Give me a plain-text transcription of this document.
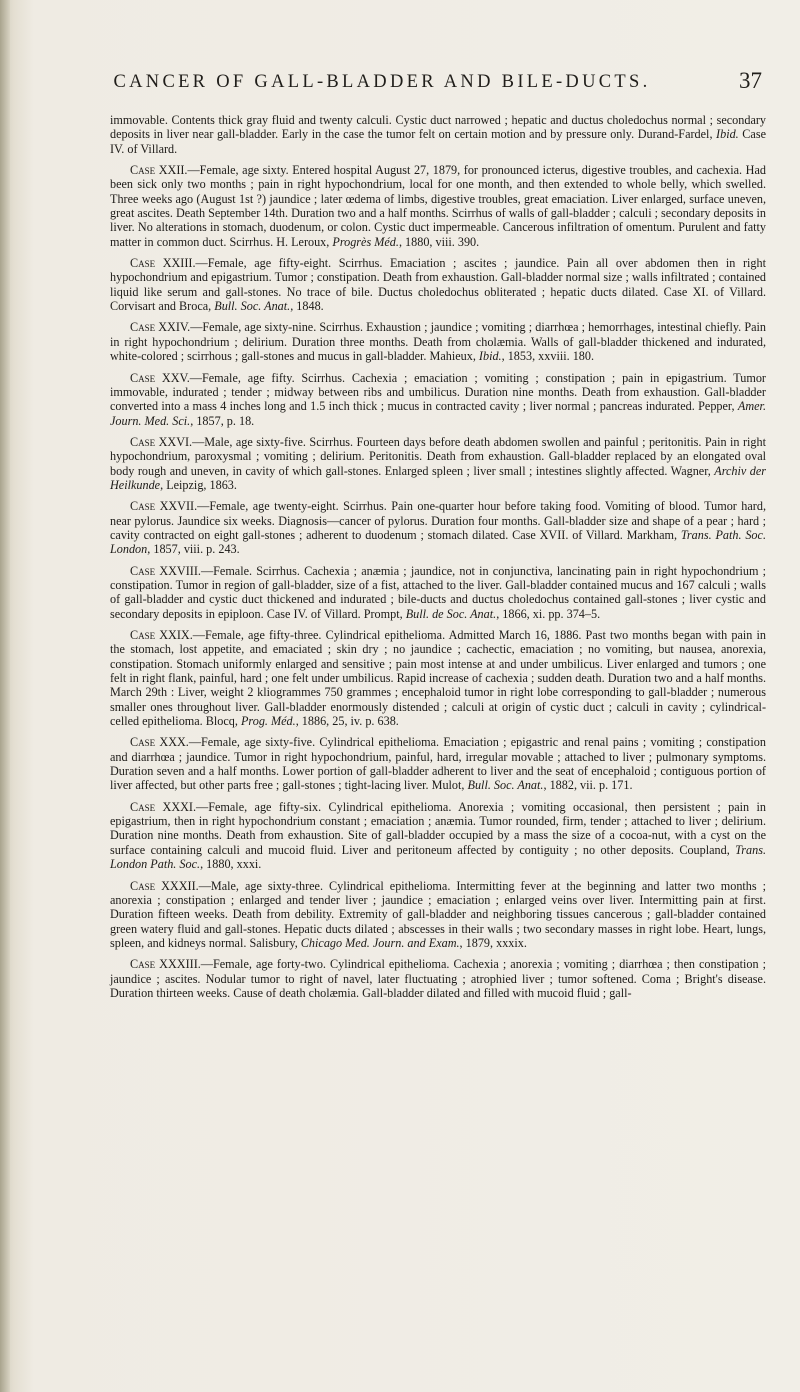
CANCER OF GALL-BLADDER AND BILE-DUCTS.	37

immovable. Contents thick gray fluid and twenty calculi. Cystic duct narrowed ; hepatic and ductus choledochus normal ; secondary deposits in liver near gall-bladder. Early in the case the tumor felt on certain motion and by pressure only. Durand-Fardel, Ibid. Case IV. of Villard.

Case XXII.—Female, age sixty. Entered hospital August 27, 1879, for pronounced icterus, digestive troubles, and cachexia. Had been sick only two months ; pain in right hypochondrium, local for one month, and then extended to whole belly, which swelled. Three weeks ago (August 1st ?) jaundice ; later œdema of limbs, digestive troubles, great emaciation. Liver enlarged, surface uneven, great ascites. Death September 14th. Duration two and a half months. Scirrhus of walls of gall-bladder ; calculi ; secondary deposits in liver. No alterations in stomach, duodenum, or colon. Cystic duct impermeable. Cancerous infiltration of omentum. Purulent and fatty matter in common duct. Scirrhus. H. Leroux, Progrès Méd., 1880, viii. 390.

Case XXIII.—Female, age fifty-eight. Scirrhus. Emaciation ; ascites ; jaundice. Pain all over abdomen then in right hypochondrium and epigastrium. Tumor ; constipation. Death from exhaustion. Gall-bladder normal size ; walls infiltrated ; contained liquid like serum and gall-stones. No trace of bile. Ductus choledochus obliterated ; hepatic ducts dilated. Case XI. of Villard. Corvisart and Broca, Bull. Soc. Anat., 1848.

Case XXIV.—Female, age sixty-nine. Scirrhus. Exhaustion ; jaundice ; vomiting ; diarrhœa ; hemorrhages, intestinal chiefly. Pain in right hypochondrium ; delirium. Duration three months. Death from cholæmia. Walls of gall-bladder thickened and indurated, white-colored ; scirrhous ; gall-stones and mucus in gall-bladder. Mahieux, Ibid., 1853, xxviii. 180.

Case XXV.—Female, age fifty. Scirrhus. Cachexia ; emaciation ; vomiting ; constipation ; pain in epigastrium. Tumor immovable, indurated ; tender ; midway between ribs and umbilicus. Duration nine months. Death from exhaustion. Gall-bladder converted into a mass 4 inches long and 1.5 inch thick ; mucus in contracted cavity ; liver normal ; pancreas indurated. Pepper, Amer. Journ. Med. Sci., 1857, p. 18.

Case XXVI.—Male, age sixty-five. Scirrhus. Fourteen days before death abdomen swollen and painful ; peritonitis. Pain in right hypochondrium, paroxysmal ; vomiting ; delirium. Peritonitis. Death from exhaustion. Gall-bladder replaced by an elongated oval body rough and uneven, in cavity of which gall-stones. Enlarged spleen ; liver small ; intestines slightly affected. Wagner, Archiv der Heilkunde, Leipzig, 1863.

Case XXVII.—Female, age twenty-eight. Scirrhus. Pain one-quarter hour before taking food. Vomiting of blood. Tumor hard, near pylorus. Jaundice six weeks. Diagnosis—cancer of pylorus. Duration four months. Gall-bladder size and shape of a pear ; hard ; cavity contracted on eight gall-stones ; adherent to duodenum ; stomach dilated. Case XVII. of Villard. Markham, Trans. Path. Soc. London, 1857, viii. p. 243.

Case XXVIII.—Female. Scirrhus. Cachexia ; anæmia ; jaundice, not in conjunctiva, lancinating pain in right hypochondrium ; constipation. Tumor in region of gall-bladder, size of a fist, attached to the liver. Gall-bladder contained mucus and 167 calculi ; walls of gall-bladder and cystic duct thickened and indurated ; bile-ducts and ductus choledochus contained gall-stones ; liver cystic and secondary deposits in epiploon. Case IV. of Villard. Prompt, Bull. de Soc. Anat., 1866, xi. pp. 374–5.

Case XXIX.—Female, age fifty-three. Cylindrical epithelioma. Admitted March 16, 1886. Past two months began with pain in the stomach, lost appetite, and emaciated ; skin dry ; no jaundice ; cachectic, emaciation ; no vomiting, but nausea, anorexia, constipation. Stomach uniformly enlarged and sensitive ; pain most intense at and under umbilicus. Liver enlarged and tumors ; one felt in right flank, painful, hard ; one felt under umbilicus. Rapid increase of cachexia ; sudden death. Duration two and a half months. March 29th : Liver, weight 2 kliogrammes 750 grammes ; encephaloid tumor in right lobe corresponding to gall-bladder ; numerous smaller ones throughout liver. Gall-bladder enormously distended ; calculi at origin of cystic duct ; calculi in cavity ; cylindrical-celled epithelioma. Blocq, Prog. Méd., 1886, 25, iv. p. 638.

Case XXX.—Female, age sixty-five. Cylindrical epithelioma. Emaciation ; epigastric and renal pains ; vomiting ; constipation and diarrhœa ; jaundice. Tumor in right hypochondrium, painful, hard, irregular movable ; attached to liver ; pulmonary symptoms. Duration seven and a half months. Lower portion of gall-bladder adherent to liver and the seat of encephaloid ; contiguous portion of liver affected, but other parts free ; gall-stones ; tight-lacing liver. Mulot, Bull. Soc. Anat., 1882, vii. p. 171.

Case XXXI.—Female, age fifty-six. Cylindrical epithelioma. Anorexia ; vomiting occasional, then persistent ; pain in epigastrium, then in right hypochondrium constant ; emaciation ; anæmia. Tumor rounded, firm, tender ; attached to liver ; delirium. Duration nine months. Death from exhaustion. Site of gall-bladder occupied by a mass the size of a cocoa-nut, with a cyst on the surface containing calculi and mucoid fluid. Liver and peritoneum affected by contiguity ; no other deposits. Coupland, Trans. London Path. Soc., 1880, xxxi.

Case XXXII.—Male, age sixty-three. Cylindrical epithelioma. Intermitting fever at the beginning and latter two months ; anorexia ; constipation ; enlarged and tender liver ; jaundice ; emaciation ; enlarged veins over liver. Intermitting pain at first. Duration fifteen weeks. Death from debility. Extremity of gall-bladder and neighboring tissues cancerous ; gall-bladder contained green watery fluid and gall-stones. Hepatic ducts dilated ; abscesses in their walls ; two secondary masses in right lobe. Heart, lungs, spleen, and kidneys normal. Salisbury, Chicago Med. Journ. and Exam., 1879, xxxix.

Case XXXIII.—Female, age forty-two. Cylindrical epithelioma. Cachexia ; anorexia ; vomiting ; diarrhœa ; then constipation ; jaundice ; ascites. Nodular tumor to right of navel, later fluctuating ; atrophied liver ; tumor softened. Coma ; Bright's disease. Duration thirteen weeks. Cause of death cholæmia. Gall-bladder dilated and filled with mucoid fluid ; gall-
